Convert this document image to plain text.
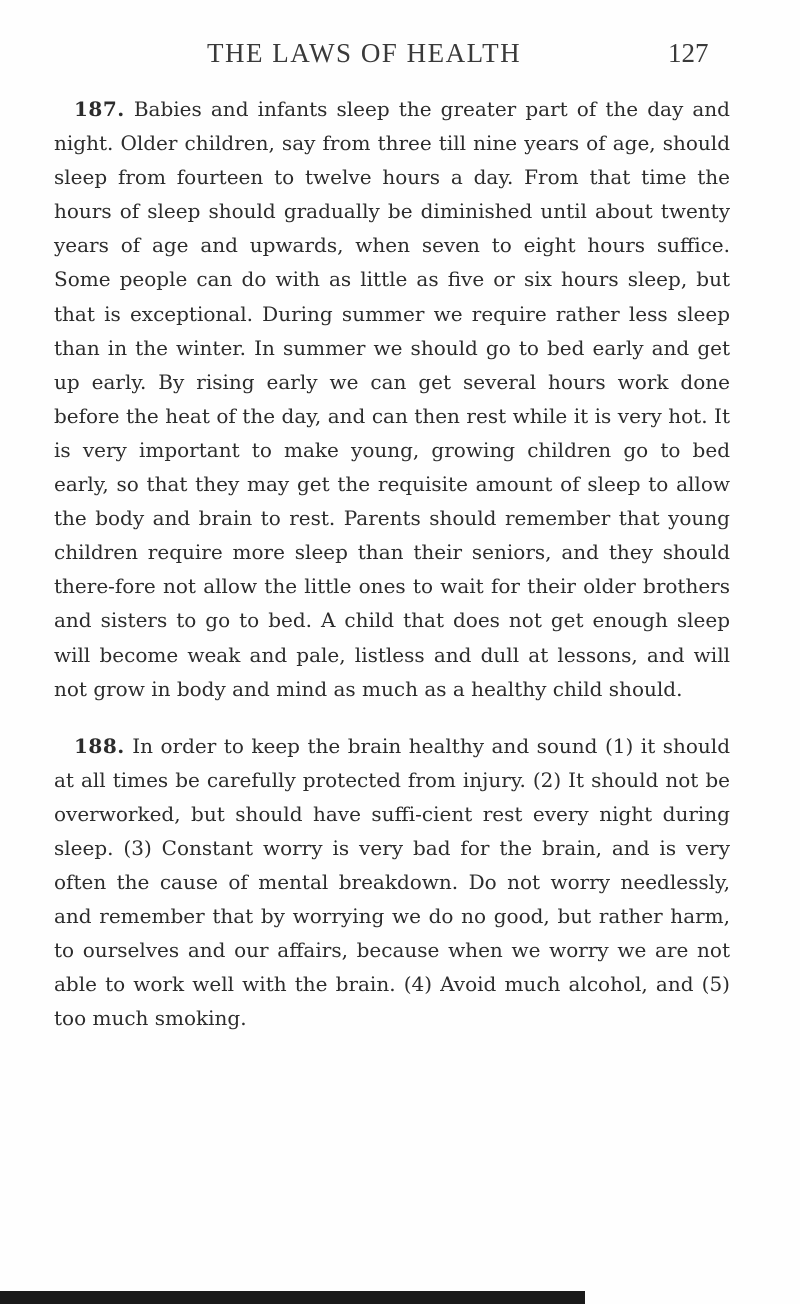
THE LAWS OF HEALTH	127

187. Babies and infants sleep the greater part of the day and night. Older children, say from three till nine years of age, should sleep from fourteen to twelve hours a day. From that time the hours of sleep should gradually be diminished until about twenty years of age and upwards, when seven to eight hours suffice. Some people can do with as little as five or six hours sleep, but that is exceptional. During summer we require rather less sleep than in the winter. In summer we should go to bed early and get up early. By rising early we can get several hours work done before the heat of the day, and can then rest while it is very hot. It is very important to make young, growing children go to bed early, so that they may get the requisite amount of sleep to allow the body and brain to rest. Parents should remember that young children require more sleep than their seniors, and they should there-fore not allow the little ones to wait for their older brothers and sisters to go to bed. A child that does not get enough sleep will become weak and pale, listless and dull at lessons, and will not grow in body and mind as much as a healthy child should.

188. In order to keep the brain healthy and sound (1) it should at all times be carefully protected from injury. (2) It should not be overworked, but should have suffi-cient rest every night during sleep. (3) Constant worry is very bad for the brain, and is very often the cause of mental breakdown. Do not worry needlessly, and remember that by worrying we do no good, but rather harm, to ourselves and our affairs, because when we worry we are not able to work well with the brain. (4) Avoid much alcohol, and (5) too much smoking.
